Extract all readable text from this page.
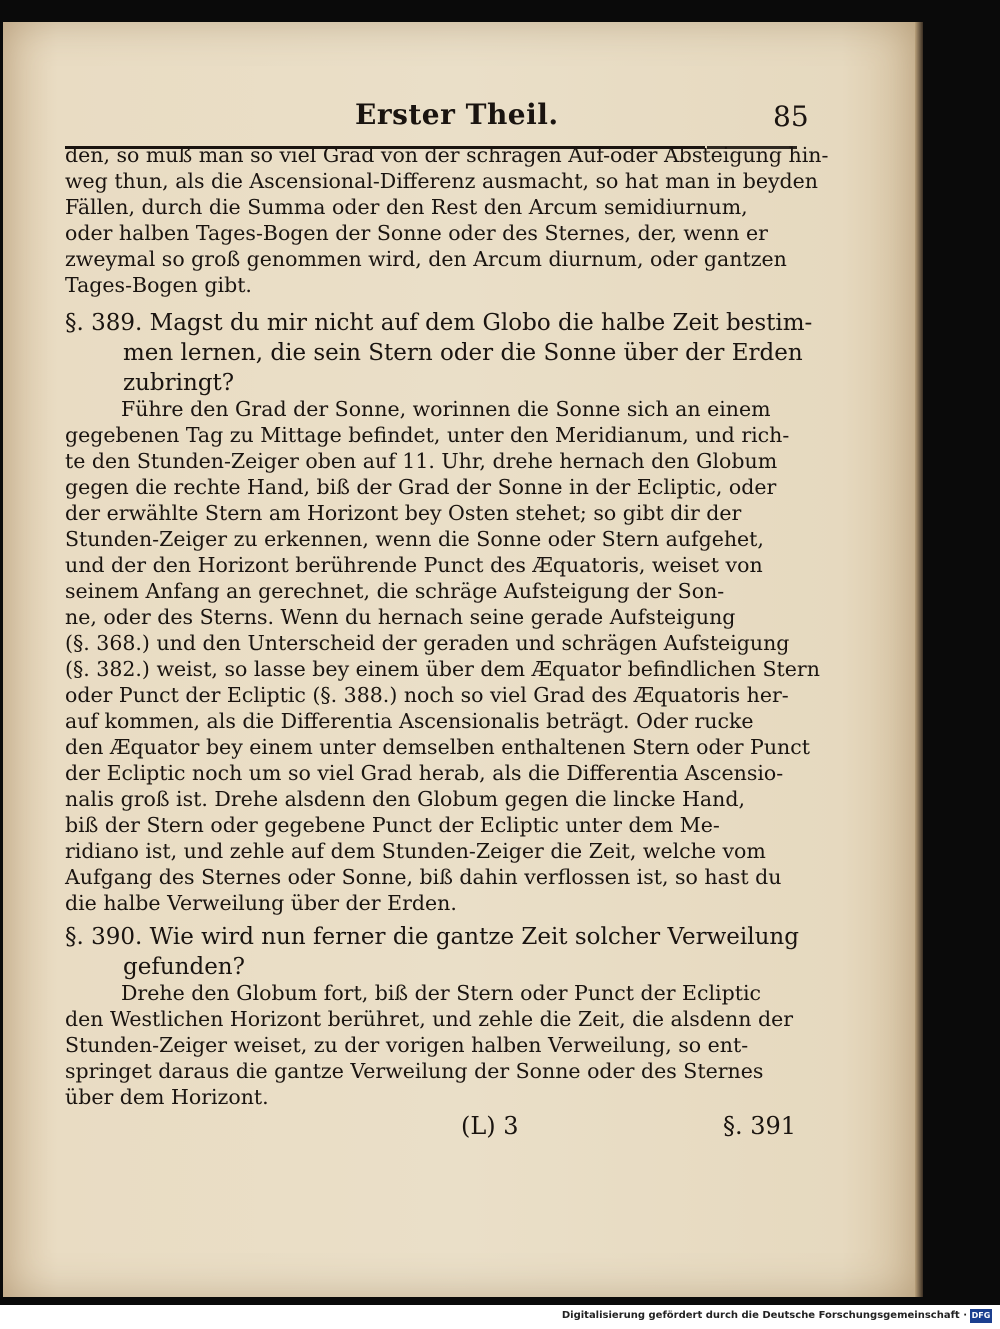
Erster Theil.	85
den, so muß man so viel Grad von der schrägen Auf-oder Absteigung hin-
weg thun, als die Ascensional-Differenz ausmacht, so hat man in beyden
Fällen, durch die Summa oder den Rest den Arcum semidiurnum,
oder halben Tages-Bogen der Sonne oder des Sternes, der, wenn er
zweymal so groß genommen wird, den Arcum diurnum, oder gantzen
Tages-Bogen gibt.
§. 389. Magst du mir nicht auf dem Globo die halbe Zeit bestim-
men lernen, die sein Stern oder die Sonne über der Erden
zubringt?
Führe den Grad der Sonne, worinnen die Sonne sich an einem
gegebenen Tag zu Mittage befindet, unter den Meridianum, und rich-
te den Stunden-Zeiger oben auf 11. Uhr, drehe hernach den Globum
gegen die rechte Hand, biß der Grad der Sonne in der Ecliptic, oder
der erwählte Stern am Horizont bey Osten stehet; so gibt dir der
Stunden-Zeiger zu erkennen, wenn die Sonne oder Stern aufgehet,
und der den Horizont berührende Punct des Æquatoris, weiset von
seinem Anfang an gerechnet, die schräge Aufsteigung der Son-
ne, oder des Sterns. Wenn du hernach seine gerade Aufsteigung
(§. 368.) und den Unterscheid der geraden und schrägen Aufsteigung
(§. 382.) weist, so lasse bey einem über dem Æquator befindlichen Stern
oder Punct der Ecliptic (§. 388.) noch so viel Grad des Æquatoris her-
auf kommen, als die Differentia Ascensionalis beträgt. Oder rucke
den Æquator bey einem unter demselben enthaltenen Stern oder Punct
der Ecliptic noch um so viel Grad herab, als die Differentia Ascensio-
nalis groß ist. Drehe alsdenn den Globum gegen die lincke Hand,
biß der Stern oder gegebene Punct der Ecliptic unter dem Me-
ridiano ist, und zehle auf dem Stunden-Zeiger die Zeit, welche vom
Aufgang des Sternes oder Sonne, biß dahin verflossen ist, so hast du
die halbe Verweilung über der Erden.
§. 390. Wie wird nun ferner die gantze Zeit solcher Verweilung
gefunden?
Drehe den Globum fort, biß der Stern oder Punct der Ecliptic
den Westlichen Horizont berühret, und zehle die Zeit, die alsdenn der
Stunden-Zeiger weiset, zu der vorigen halben Verweilung, so ent-
springet daraus die gantze Verweilung der Sonne oder des Sternes
über dem Horizont.
(L) 3	§. 391
Digitalisierung gefördert durch die Deutsche Forschungsgemeinschaft · DFG
